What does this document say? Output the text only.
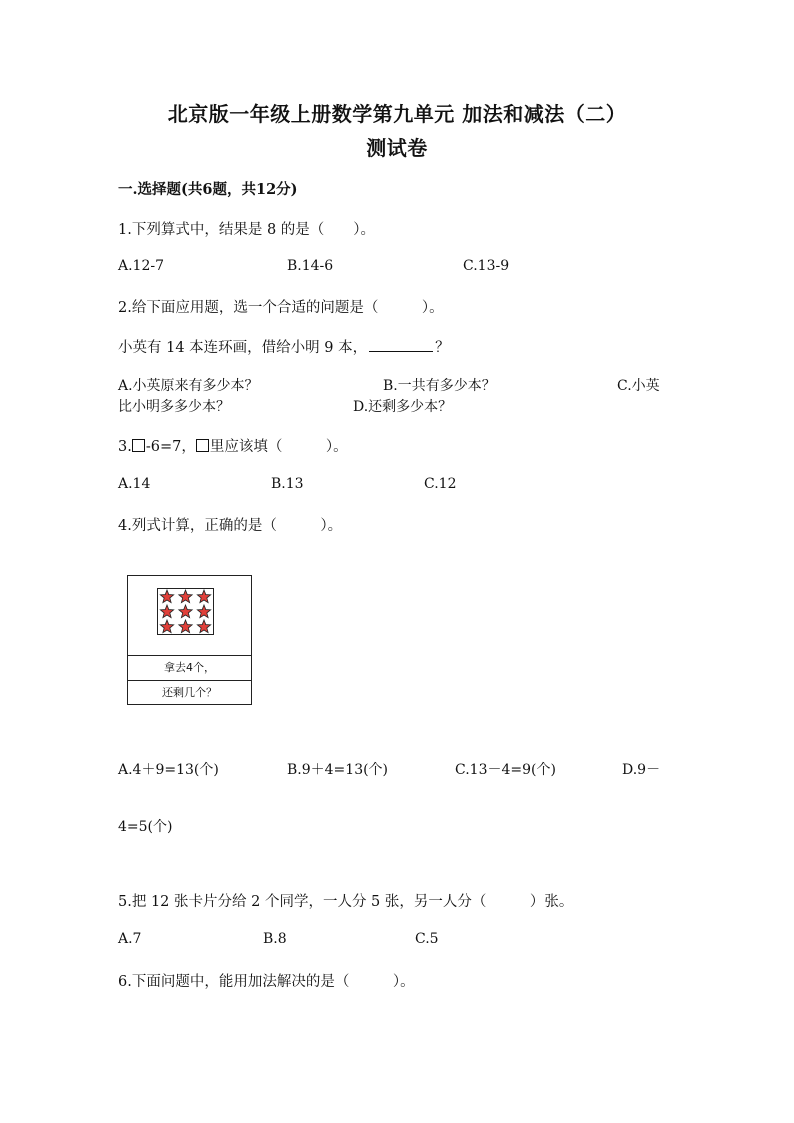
北京版一年级上册数学第九单元 加法和减法（二）
测试卷
一.选择题(共6题，共12分)
1.下列算式中，结果是 8 的是（　　）。
A.12-7	B.14-6	C.13-9
2.给下面应用题，选一个合适的问题是（　　　）。
小英有 14 本连环画，借给小明 9 本，	？
A.小英原来有多少本？	B.一共有多少本？	C.小英
比小明多多少本？	D.还剩多少本？
3. -6=7， 里应该填（　　　）。
A.14	B.13	C.12
4.列式计算，正确的是（　　　）。
拿去4个，
还剩几个？
A.4＋9=13(个)	B.9＋4=13(个)	C.13－4=9(个)	D.9－
4=5(个)
5.把 12 张卡片分给 2 个同学，一人分 5 张，另一人分（　　　）张。
A.7	B.8	C.5
6.下面问题中，能用加法解决的是（　　　）。
